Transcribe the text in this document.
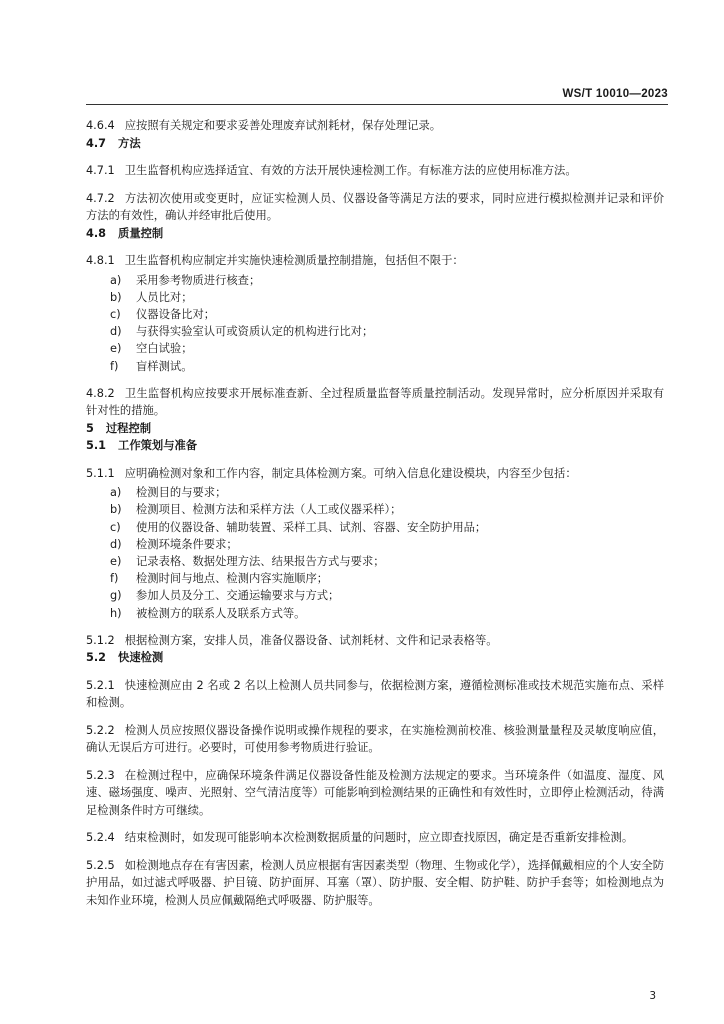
WS/T 10010—2023

4.6.4 应按照有关规定和要求妥善处理废弃试剂耗材，保存处理记录。

4.7 方法

4.7.1 卫生监督机构应选择适宜、有效的方法开展快速检测工作。有标准方法的应使用标准方法。

4.7.2 方法初次使用或变更时，应证实检测人员、仪器设备等满足方法的要求，同时应进行模拟检测并记录和评价方法的有效性，确认并经审批后使用。

4.8 质量控制

4.8.1 卫生监督机构应制定并实施快速检测质量控制措施，包括但不限于：

a) 采用参考物质进行核查；
b) 人员比对；
c) 仪器设备比对；
d) 与获得实验室认可或资质认定的机构进行比对；
e) 空白试验；
f) 盲样测试。

4.8.2 卫生监督机构应按要求开展标准查新、全过程质量监督等质量控制活动。发现异常时，应分析原因并采取有针对性的措施。

5 过程控制

5.1 工作策划与准备

5.1.1 应明确检测对象和工作内容，制定具体检测方案。可纳入信息化建设模块，内容至少包括：

a) 检测目的与要求；
b) 检测项目、检测方法和采样方法（人工或仪器采样）；
c) 使用的仪器设备、辅助装置、采样工具、试剂、容器、安全防护用品；
d) 检测环境条件要求；
e) 记录表格、数据处理方法、结果报告方式与要求；
f) 检测时间与地点、检测内容实施顺序；
g) 参加人员及分工、交通运输要求与方式；
h) 被检测方的联系人及联系方式等。

5.1.2 根据检测方案，安排人员，准备仪器设备、试剂耗材、文件和记录表格等。

5.2 快速检测

5.2.1 快速检测应由 2 名或 2 名以上检测人员共同参与，依据检测方案，遵循检测标准或技术规范实施布点、采样和检测。

5.2.2 检测人员应按照仪器设备操作说明或操作规程的要求，在实施检测前校准、核验测量量程及灵敏度响应值，确认无误后方可进行。必要时，可使用参考物质进行验证。

5.2.3 在检测过程中，应确保环境条件满足仪器设备性能及检测方法规定的要求。当环境条件（如温度、湿度、风速、磁场强度、噪声、光照射、空气清洁度等）可能影响到检测结果的正确性和有效性时，立即停止检测活动，待满足检测条件时方可继续。

5.2.4 结束检测时，如发现可能影响本次检测数据质量的问题时，应立即查找原因，确定是否重新安排检测。

5.2.5 如检测地点存在有害因素，检测人员应根据有害因素类型（物理、生物或化学），选择佩戴相应的个人安全防护用品，如过滤式呼吸器、护目镜、防护面屏、耳塞（罩）、防护服、安全帽、防护鞋、防护手套等；如检测地点为未知作业环境，检测人员应佩戴隔绝式呼吸器、防护服等。

3
